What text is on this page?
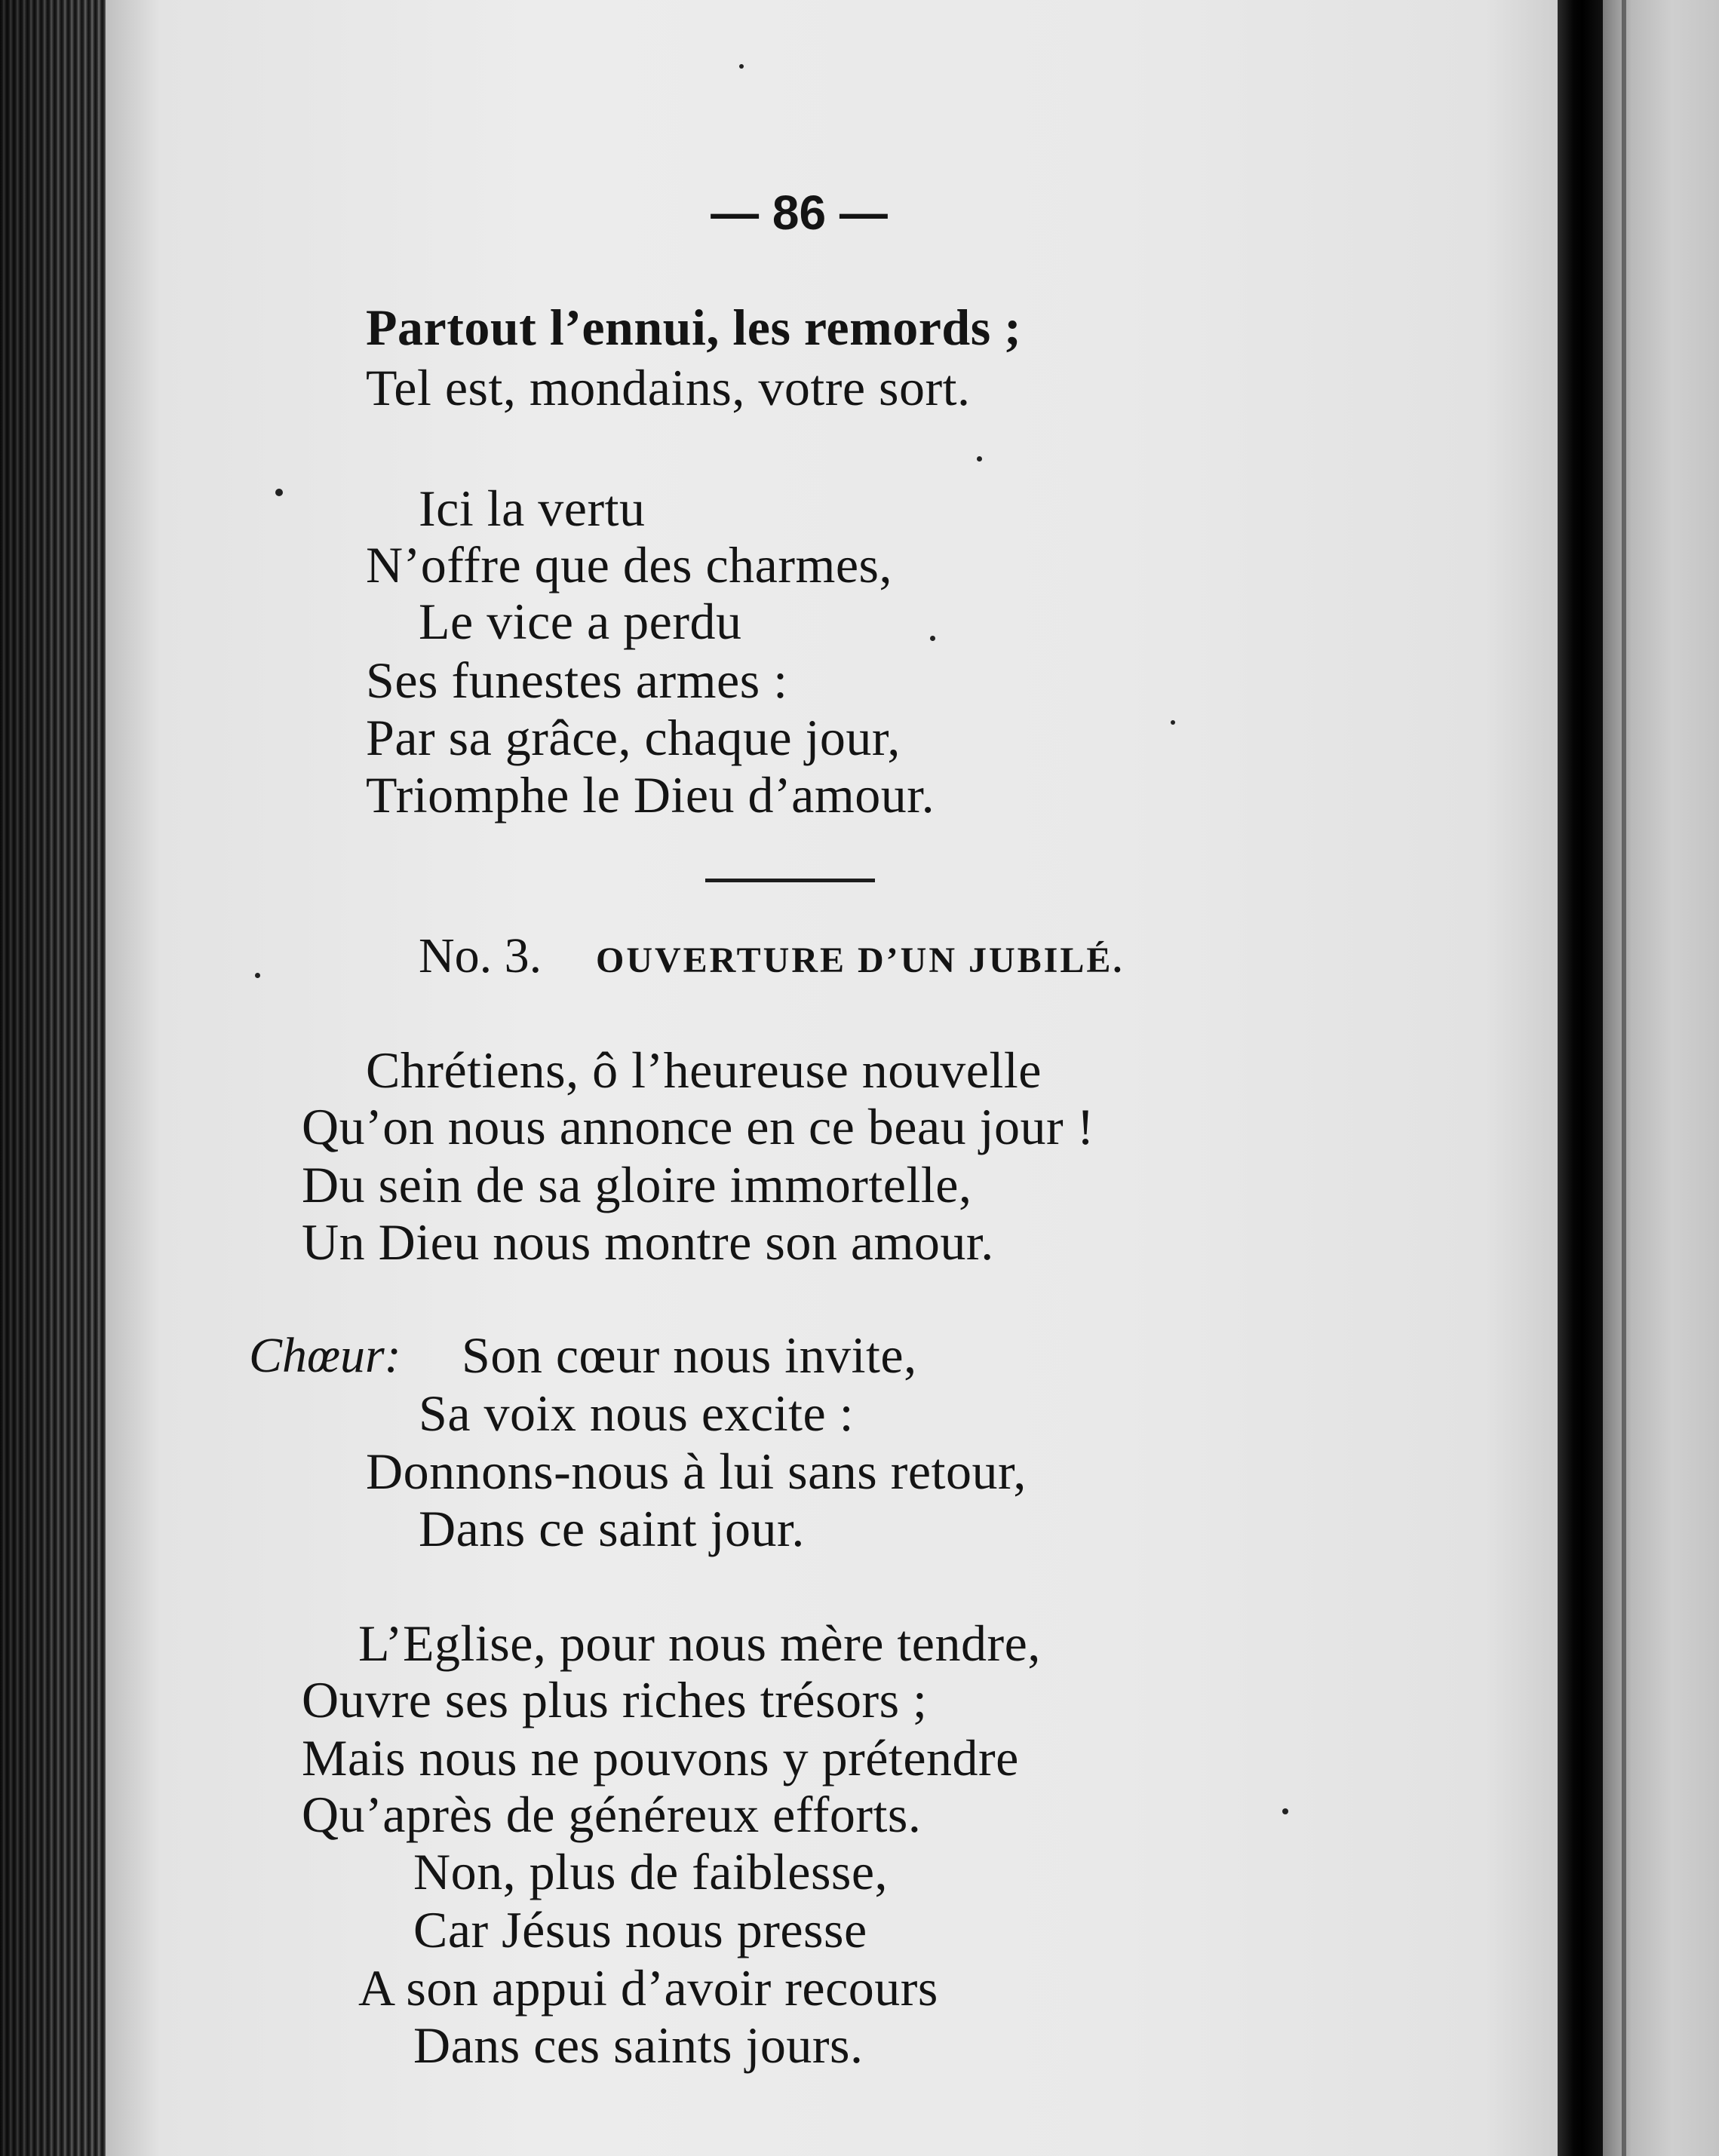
— 86 —
Partout l’ennui, les remords ;
Tel est, mondains, votre sort.
Ici la vertu
N’offre que des charmes,
Le vice a perdu
Ses funestes armes :
Par sa grâce, chaque jour,
Triomphe le Dieu d’amour.
No. 3. OUVERTURE D’UN JUBILÉ.
Chrétiens, ô l’heureuse nouvelle
Qu’on nous annonce en ce beau jour !
Du sein de sa gloire immortelle,
Un Dieu nous montre son amour.
Chœur: Son cœur nous invite,
Sa voix nous excite :
Donnons-nous à lui sans retour,
Dans ce saint jour.
L’Eglise, pour nous mère tendre,
Ouvre ses plus riches trésors ;
Mais nous ne pouvons y prétendre
Qu’après de généreux efforts.
Non, plus de faiblesse,
Car Jésus nous presse
A son appui d’avoir recours
Dans ces saints jours.
